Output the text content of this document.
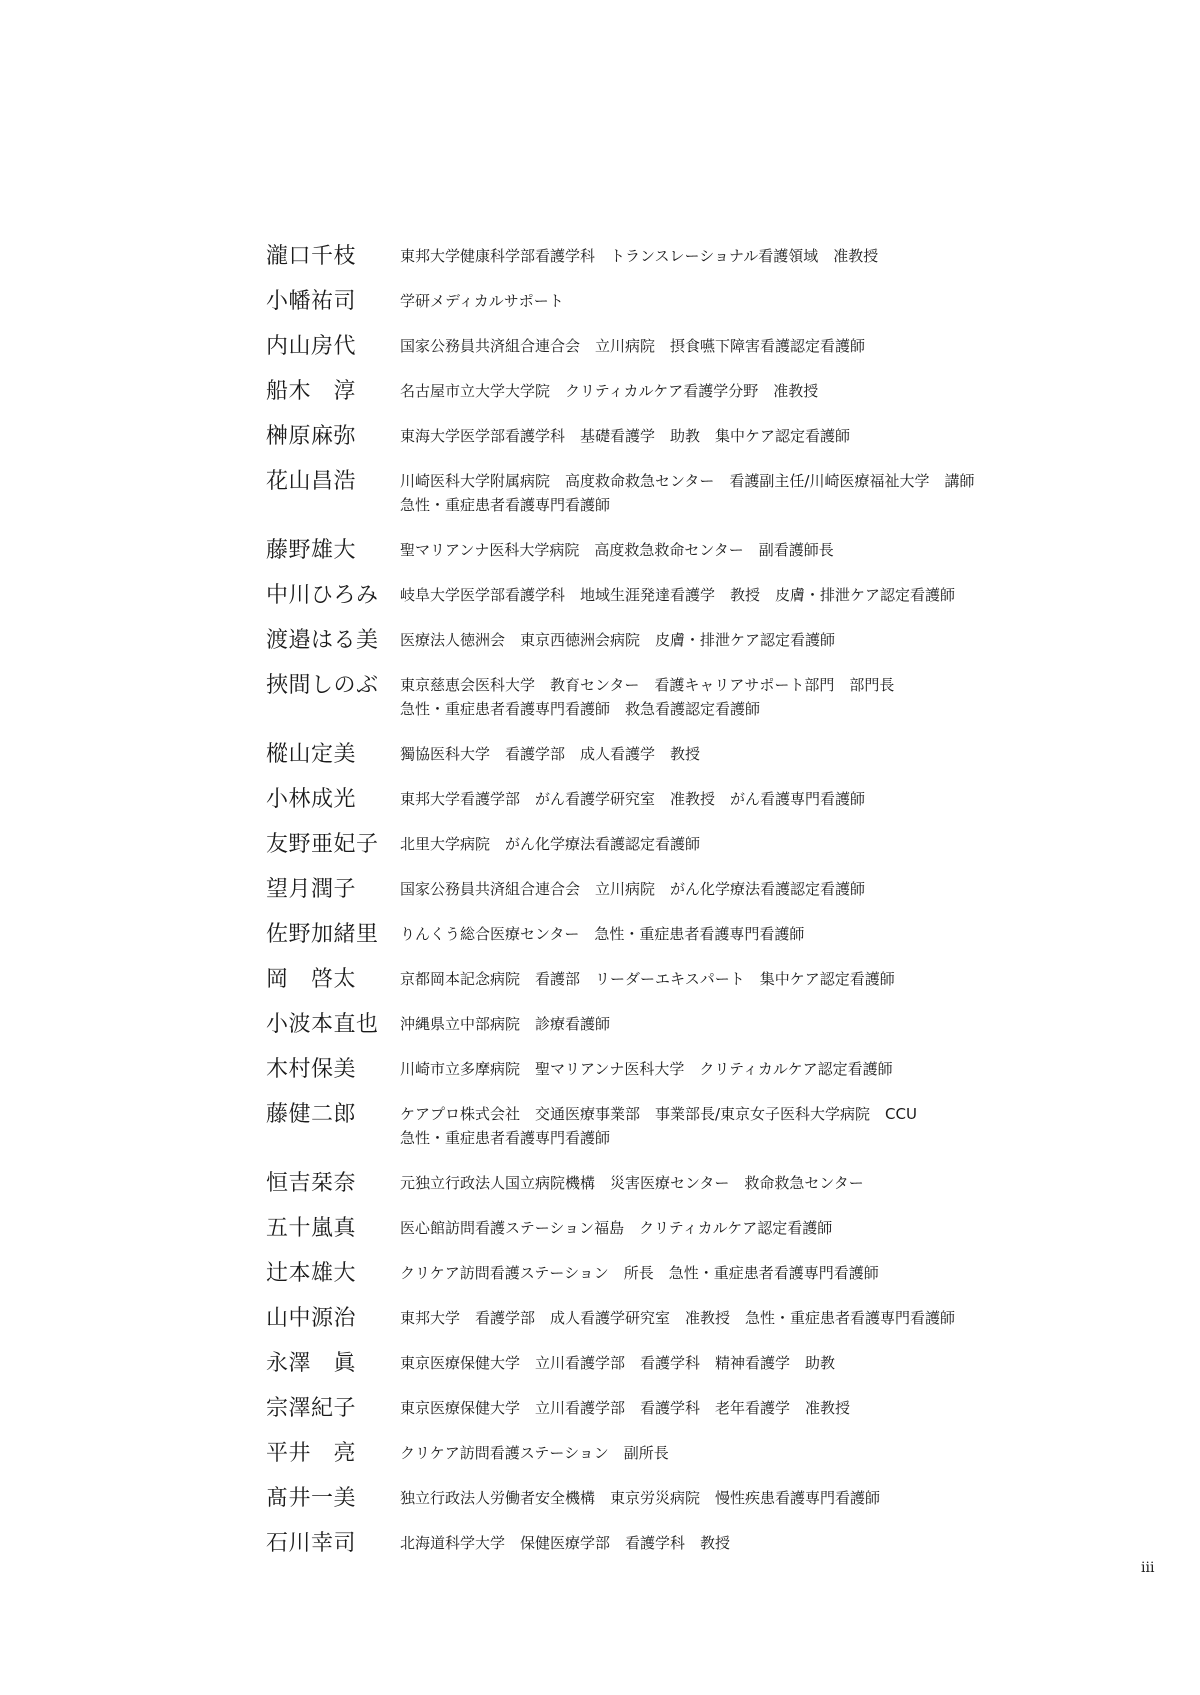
瀧口千枝	東邦大学健康科学部看護学科　トランスレーショナル看護領域　准教授
小幡祐司	学研メディカルサポート
内山房代	国家公務員共済組合連合会　立川病院　摂食嚥下障害看護認定看護師
船木　淳	名古屋市立大学大学院　クリティカルケア看護学分野　准教授
榊原麻弥	東海大学医学部看護学科　基礎看護学　助教　集中ケア認定看護師
花山昌浩	川崎医科大学附属病院　高度救命救急センター　看護副主任/川崎医療福祉大学　講師
急性・重症患者看護専門看護師
藤野雄大	聖マリアンナ医科大学病院　高度救急救命センター　副看護師長
中川ひろみ	岐阜大学医学部看護学科　地域生涯発達看護学　教授　皮膚・排泄ケア認定看護師
渡邉はる美	医療法人徳洲会　東京西徳洲会病院　皮膚・排泄ケア認定看護師
挾間しのぶ	東京慈恵会医科大学　教育センター　看護キャリアサポート部門　部門長
急性・重症患者看護専門看護師　救急看護認定看護師
樅山定美	獨協医科大学　看護学部　成人看護学　教授
小林成光	東邦大学看護学部　がん看護学研究室　准教授　がん看護専門看護師
友野亜妃子	北里大学病院　がん化学療法看護認定看護師
望月潤子	国家公務員共済組合連合会　立川病院　がん化学療法看護認定看護師
佐野加緒里	りんくう総合医療センター　急性・重症患者看護専門看護師
岡　啓太	京都岡本記念病院　看護部　リーダーエキスパート　集中ケア認定看護師
小波本直也	沖縄県立中部病院　診療看護師
木村保美	川崎市立多摩病院　聖マリアンナ医科大学　クリティカルケア認定看護師
藤健二郎	ケアプロ株式会社　交通医療事業部　事業部長/東京女子医科大学病院　CCU
急性・重症患者看護専門看護師
恒吉栞奈	元独立行政法人国立病院機構　災害医療センター　救命救急センター
五十嵐真	医心館訪問看護ステーション福島　クリティカルケア認定看護師
辻本雄大	クリケア訪問看護ステーション　所長　急性・重症患者看護専門看護師
山中源治	東邦大学　看護学部　成人看護学研究室　准教授　急性・重症患者看護専門看護師
永澤　眞	東京医療保健大学　立川看護学部　看護学科　精神看護学　助教
宗澤紀子	東京医療保健大学　立川看護学部　看護学科　老年看護学　准教授
平井　亮	クリケア訪問看護ステーション　副所長
髙井一美	独立行政法人労働者安全機構　東京労災病院　慢性疾患看護専門看護師
石川幸司	北海道科学大学　保健医療学部　看護学科　教授
iii
